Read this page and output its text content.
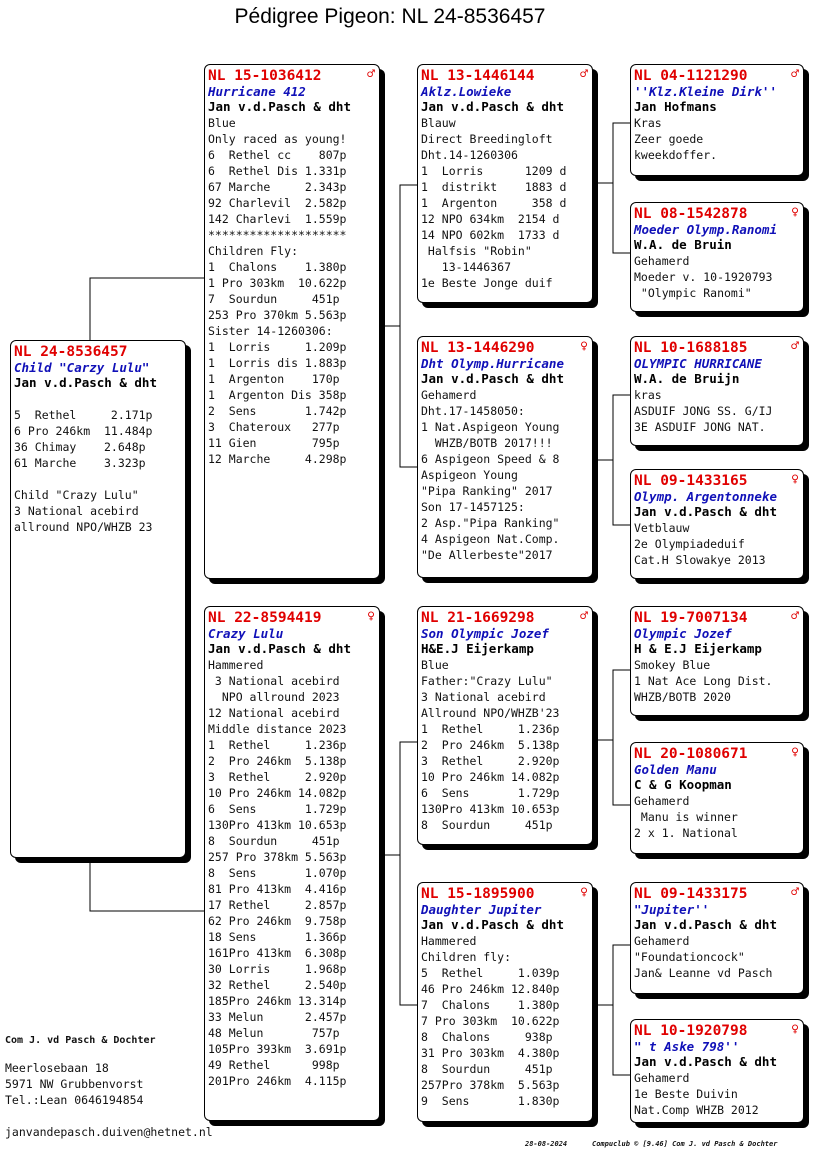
Pédigree Pigeon: NL 24-8536457
NL 24-8536457
Child "Carzy Lulu"
Jan v.d.Pasch & dht

5  Rethel     2.171p
6 Pro 246km  11.484p
36 Chimay    2.648p
61 Marche    3.323p

Child "Crazy Lulu"
3 National acebird
allround NPO/WHZB 23
NL 15-1036412	♂
Hurricane 412
Jan v.d.Pasch & dht
Blue
Only raced as young!
6  Rethel cc    807p
6  Rethel Dis 1.331p
67 Marche     2.343p
92 Charlevil  2.582p
142 Charlevi  1.559p
********************
Children Fly:
1  Chalons    1.380p
1 Pro 303km  10.622p
7  Sourdun     451p
253 Pro 370km 5.563p
Sister 14-1260306:
1  Lorris     1.209p
1  Lorris dis 1.883p
1  Argenton    170p
1  Argenton Dis 358p
2  Sens       1.742p
3  Chateroux   277p
11 Gien        795p
12 Marche     4.298p
NL 22-8594419	♀
Crazy Lulu
Jan v.d.Pasch & dht
Hammered
3 National acebird
NPO allround 2023
12 National acebird
Middle distance 2023
1  Rethel     1.236p
2  Pro 246km  5.138p
3  Rethel     2.920p
10 Pro 246km 14.082p
6  Sens       1.729p
130Pro 413km 10.653p
8  Sourdun     451p
257 Pro 378km 5.563p
8  Sens       1.070p
81 Pro 413km  4.416p
17 Rethel     2.857p
62 Pro 246km  9.758p
18 Sens       1.366p
161Pro 413km  6.308p
30 Lorris     1.968p
32 Rethel     2.540p
185Pro 246km 13.314p
33 Melun      2.457p
48 Melun       757p
105Pro 393km  3.691p
49 Rethel      998p
201Pro 246km  4.115p
NL 13-1446144	♂
Aklz.Lowieke
Jan v.d.Pasch & dht
Blauw
Direct Breedingloft
Dht.14-1260306
1  Lorris      1209 d
1  distrikt    1883 d
1  Argenton     358 d
12 NPO 634km  2154 d
14 NPO 602km  1733 d
Halfsis "Robin"
13-1446367
1e Beste Jonge duif
NL 13-1446290	♀
Dht Olymp.Hurricane
Jan v.d.Pasch & dht
Gehamerd
Dht.17-1458050:
1 Nat.Aspigeon Young
WHZB/BOTB 2017!!!
6 Aspigeon Speed & 8
Aspigeon Young
"Pipa Ranking" 2017
Son 17-1457125:
2 Asp."Pipa Ranking"
4 Aspigeon Nat.Comp.
"De Allerbeste"2017
NL 21-1669298	♂
Son Olympic Jozef
H&E.J Eijerkamp
Blue
Father:"Crazy Lulu"
3 National acebird
Allround NPO/WHZB'23
1  Rethel     1.236p
2  Pro 246km  5.138p
3  Rethel     2.920p
10 Pro 246km 14.082p
6  Sens       1.729p
130Pro 413km 10.653p
8  Sourdun     451p
NL 15-1895900	♀
Daughter Jupiter
Jan v.d.Pasch & dht
Hammered
Children fly:
5  Rethel     1.039p
46 Pro 246km 12.840p
7  Chalons    1.380p
7 Pro 303km  10.622p
8  Chalons     938p
31 Pro 303km  4.380p
8  Sourdun     451p
257Pro 378km  5.563p
9  Sens       1.830p
NL 04-1121290	♂
''Klz.Kleine Dirk''
Jan Hofmans
Kras
Zeer goede
kweekdoffer.
NL 08-1542878	♀
Moeder Olymp.Ranomi
W.A. de Bruin
Gehamerd
Moeder v. 10-1920793
"Olympic Ranomi"
NL 10-1688185	♂
OLYMPIC HURRICANE
W.A. de Bruijn
kras
ASDUIF JONG SS. G/IJ
3E ASDUIF JONG NAT.
NL 09-1433165	♀
Olymp. Argentonneke
Jan v.d.Pasch & dht
Vetblauw
2e Olympiadeduif
Cat.H Slowakye 2013
NL 19-7007134	♂
Olympic Jozef
H & E.J Eijerkamp
Smokey Blue
1 Nat Ace Long Dist.
WHZB/BOTB 2020
NL 20-1080671	♀
Golden Manu
C & G Koopman
Gehamerd
Manu is winner
2 x 1. National
NL 09-1433175	♂
"Jupiter''
Jan v.d.Pasch & dht
Gehamerd
"Foundationcock"
Jan& Leanne vd Pasch
NL 10-1920798	♀
" t Aske 798''
Jan v.d.Pasch & dht
Gehamerd
1e Beste Duivin
Nat.Comp WHZB 2012
Com J. vd Pasch & Dochter
Meerlosebaan 18
5971 NW Grubbenvorst
Tel.:Lean 0646194854
janvandepasch.duiven@hetnet.nl
28-08-2024	Compuclub © [9.46] Com J. vd Pasch & Dochter
